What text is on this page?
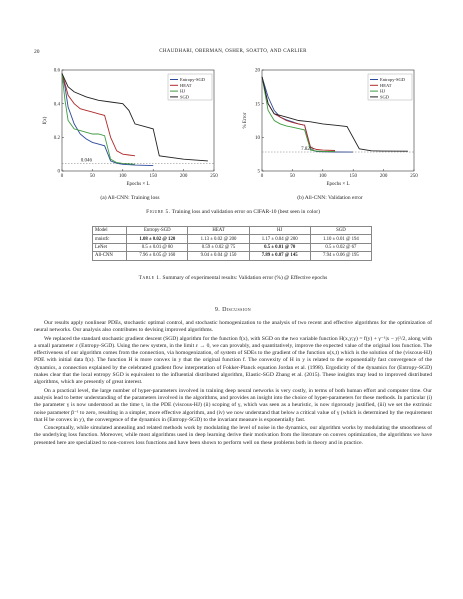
20	CHAUDHARI, OBERMAN, OSHER, SOATTO, AND CARLIER
0	50	100	150	200	250
0
0.2
0.4
0.6
Epochs × L
f(x)
0.046
Entropy-SGD
HEAT
HJ
SGD
(a) All-CNN: Training loss
0	50	100	150	200	250
5
10
15
20
Epochs × L
% Error
7.82%
Entropy-SGD
HEAT
HJ
SGD
(b) All-CNN: Validation error
Figure 5. Training loss and validation error on CIFAR-10 (best seen in color)
Model	Entropy-SGD	HEAT	HJ	SGD
mnistfc	1.08 ± 0.02 @ 120	1.13 ± 0.02 @ 200	1.17 ± 0.04 @ 200	1.10 ± 0.01 @ 194
LeNet	0.5 ± 0.01 @ 80	0.59 ± 0.02 @ 75	0.5 ± 0.01 @ 70	0.5 ± 0.02 @ 67
All-CNN	7.96 ± 0.05 @ 160	9.04 ± 0.04 @ 150	7.89 ± 0.07 @ 145	7.94 ± 0.06 @ 195
Table 1. Summary of experimental results: Validation error (%) @ Effective epochs
9. Discussion

Our results apply nonlinear PDEs, stochastic optimal control, and stochastic homogenization to the analysis of two recent and effective algorithms for the optimization of neural networks. Our analysis also contributes to devising improved algorithms.

We replaced the standard stochastic gradient descent (SGD) algorithm for the function f(x), with SGD on the two variable function H(x,y;γ) = f(y) + γ⁻¹|x − y|²/2, along with a small parameter ε (Entropy-SGD). Using the new system, in the limit ε → 0, we can provably, and quantitatively, improve the expected value of the original loss function. The effectiveness of our algorithm comes from the connection, via homogenization, of system of SDEs to the gradient of the function u(x,t) which is the solution of the (viscous-HJ) PDE with initial data f(x). The function H is more convex in y that the original function f. The convexity of H in y is related to the exponentially fast convergence of the dynamics, a connection explained by the celebrated gradient flow interpretation of Fokker-Planck equation Jordan et al. (1998). Ergodicity of the dynamics for (Entropy-SGD) makes clear that the local entropy SGD is equivalent to the influential distributed algorithm, Elastic-SGD Zhang et al. (2015). These insights may lead to improved distributed algorithms, which are presently of great interest.

On a practical level, the large number of hyper-parameters involved in training deep neural networks is very costly, in terms of both human effort and computer time. Our analysis lead to better understanding of the parameters involved in the algorithms, and provides an insight into the choice of hyper-parameters for these methods. In particular (i) the parameter γ is now understood as the time t, in the PDE (viscous-HJ) (ii) scoping of γ, which was seen as a heuristic, is now rigorously justified, (iii) we set the extrinsic noise parameter β⁻¹ to zero, resulting in a simpler, more effective algorithm, and (iv) we now understand that below a critical value of γ (which is determined by the requirement that H be convex in y), the convergence of the dynamics in (Entropy-SGD) to the invariant measure is exponentially fast.

Conceptually, while simulated annealing and related methods work by modulating the level of noise in the dynamics, our algorithm works by modulating the smoothness of the underlying loss function. Moreover, while most algorithms used in deep learning derive their motivation from the literature on convex optimization, the algorithms we have presented here are specialized to non-convex loss functions and have been shown to perform well on these problems both in theory and in practice.
